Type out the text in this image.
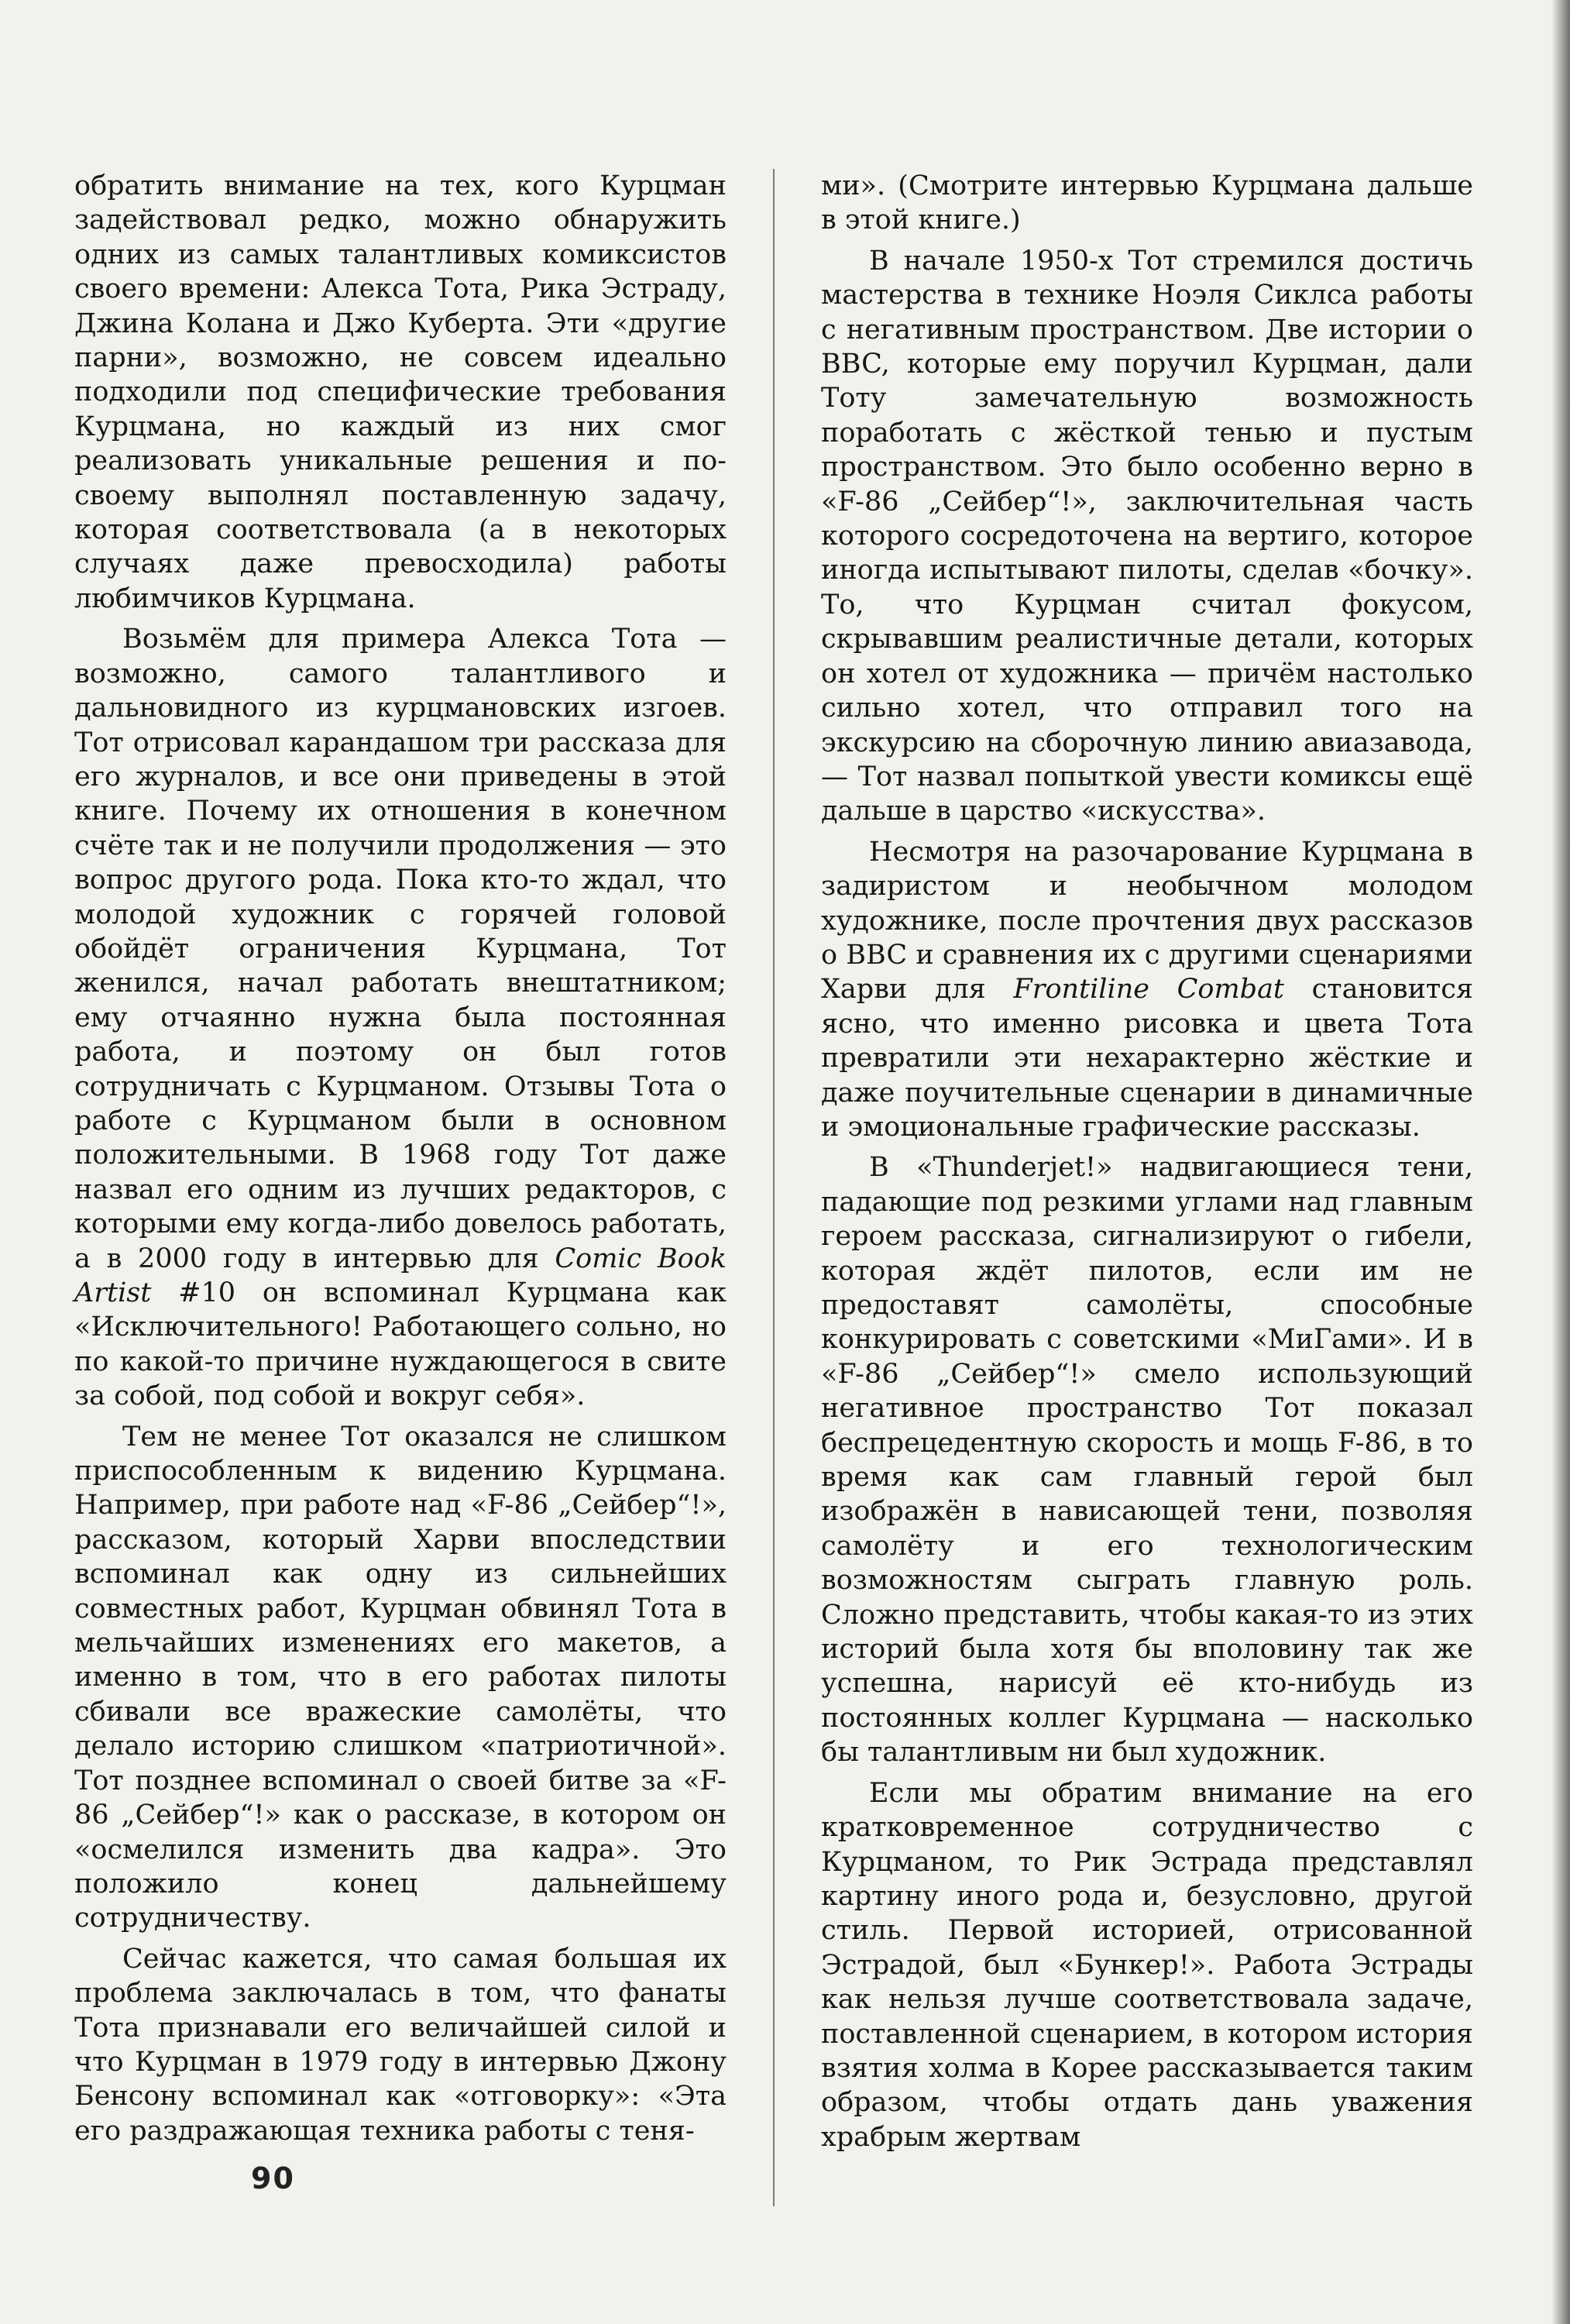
обратить внимание на тех, кого Курцман задействовал редко, можно обнаружить одних из самых талантливых комиксистов своего времени: Алекса Тота, Рика Эстраду, Джина Колана и Джо Куберта. Эти «другие парни», возможно, не совсем идеально подходили под специфические требования Курцмана, но каждый из них смог реализовать уникальные решения и по-своему выполнял поставленную задачу, которая соответствовала (а в некоторых случаях даже превосходила) работы любимчиков Курцмана.

Возьмём для примера Алекса Тота — возможно, самого талантливого и дальновидного из курцмановских изгоев. Тот отрисовал карандашом три рассказа для его журналов, и все они приведены в этой книге. Почему их отношения в конечном счёте так и не получили продолжения — это вопрос другого рода. Пока кто-то ждал, что молодой художник с горячей головой обойдёт ограничения Курцмана, Тот женился, начал работать внештатником; ему отчаянно нужна была постоянная работа, и поэтому он был готов сотрудничать с Курцманом. Отзывы Тота о работе с Курцманом были в основном положительными. В 1968 году Тот даже назвал его одним из лучших редакторов, с которыми ему когда-либо довелось работать, а в 2000 году в интервью для Comic Book Artist #10 он вспоминал Курцмана как «Исключительного! Работающего сольно, но по какой-то причине нуждающегося в свите за собой, под собой и вокруг себя».

Тем не менее Тот оказался не слишком приспособленным к видению Курцмана. Например, при работе над «F-86 „Сейбер“!», рассказом, который Харви впоследствии вспоминал как одну из сильнейших совместных работ, Курцман обвинял Тота в мельчайших изменениях его макетов, а именно в том, что в его работах пилоты сбивали все вражеские самолёты, что делало историю слишком «патриотичной». Тот позднее вспоминал о своей битве за «F-86 „Сейбер“!» как о рассказе, в котором он «осмелился изменить два кадра». Это положило конец дальнейшему сотрудничеству.

Сейчас кажется, что самая большая их проблема заключалась в том, что фанаты Тота признавали его величайшей силой и что Курцман в 1979 году в интервью Джону Бенсону вспоминал как «отговорку»: «Эта его раздражающая техника работы с теня-

ми». (Смотрите интервью Курцмана дальше в этой книге.)

В начале 1950-х Тот стремился достичь мастерства в технике Ноэля Сиклса работы с негативным пространством. Две истории о BBC, которые ему поручил Курцман, дали Тоту замечательную возможность поработать с жёсткой тенью и пустым пространством. Это было особенно верно в «F-86 „Сейбер“!», заключительная часть которого сосредоточена на вертиго, которое иногда испытывают пилоты, сделав «бочку». То, что Курцман считал фокусом, скрывавшим реалистичные детали, которых он хотел от художника — причём настолько сильно хотел, что отправил того на экскурсию на сборочную линию авиазавода, — Тот назвал попыткой увести комиксы ещё дальше в царство «искусства».

Несмотря на разочарование Курцмана в задиристом и необычном молодом художнике, после прочтения двух рассказов о BBC и сравнения их с другими сценариями Харви для Frontiline Combat становится ясно, что именно рисовка и цвета Тота превратили эти нехарактерно жёсткие и даже поучительные сценарии в динамичные и эмоциональные графические рассказы.

В «Thunderjet!» надвигающиеся тени, падающие под резкими углами над главным героем рассказа, сигнализируют о гибели, которая ждёт пилотов, если им не предоставят самолёты, способные конкурировать с советскими «МиГами». И в «F-86 „Сейбер“!» смело использующий негативное пространство Тот показал беспрецедентную скорость и мощь F-86, в то время как сам главный герой был изображён в нависающей тени, позволяя самолёту и его технологическим возможностям сыграть главную роль. Сложно представить, чтобы какая-то из этих историй была хотя бы вполовину так же успешна, нарисуй её кто-нибудь из постоянных коллег Курцмана — насколько бы талантливым ни был художник.

Если мы обратим внимание на его кратковременное сотрудничество с Курцманом, то Рик Эстрада представлял картину иного рода и, безусловно, другой стиль. Первой историей, отрисованной Эстрадой, был «Бункер!». Работа Эстрады как нельзя лучше соответствовала задаче, поставленной сценарием, в котором история взятия холма в Корее рассказывается таким образом, чтобы отдать дань уважения храбрым жертвам

90
